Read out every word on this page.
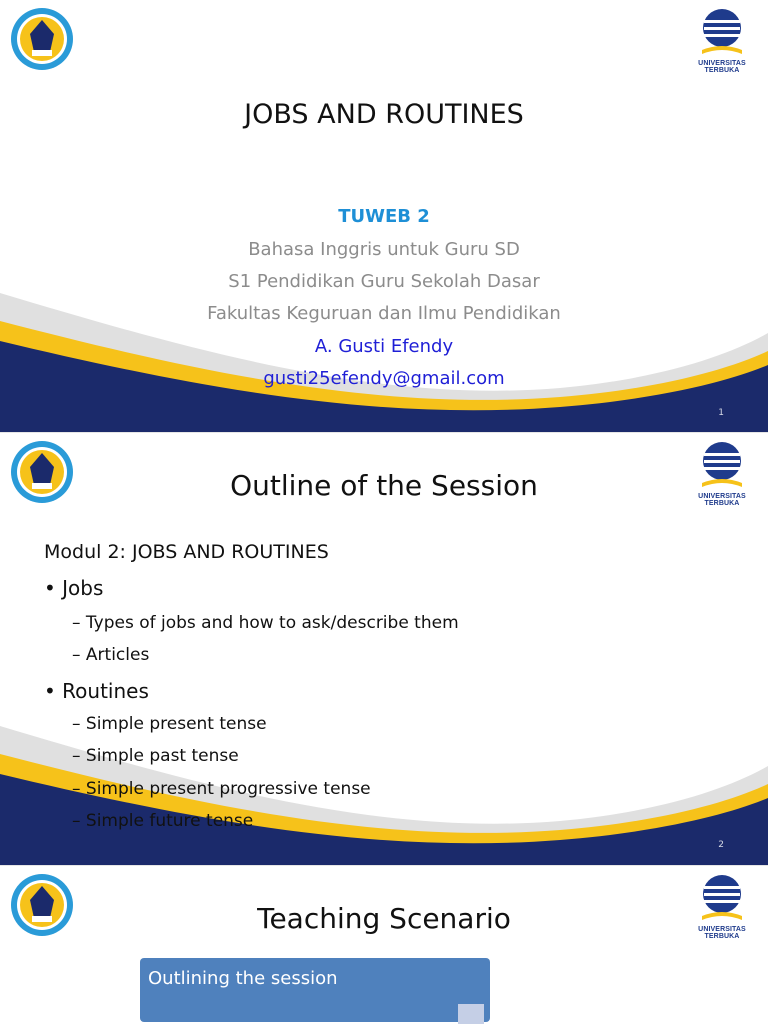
UNIVERSITAS TERBUKA
JOBS AND ROUTINES
TUWEB 2
Bahasa Inggris untuk Guru SD
S1 Pendidikan Guru Sekolah Dasar
Fakultas Keguruan dan Ilmu Pendidikan
A. Gusti Efendy
gusti25efendy@gmail.com
1
UNIVERSITAS TERBUKA
Outline of the Session
Modul 2: JOBS AND ROUTINES
• Jobs
– Types of jobs and how to ask/describe them
– Articles
• Routines
– Simple present tense
– Simple past tense
– Simple present progressive tense
– Simple future tense
2
UNIVERSITAS TERBUKA
Teaching Scenario
Outlining the session
